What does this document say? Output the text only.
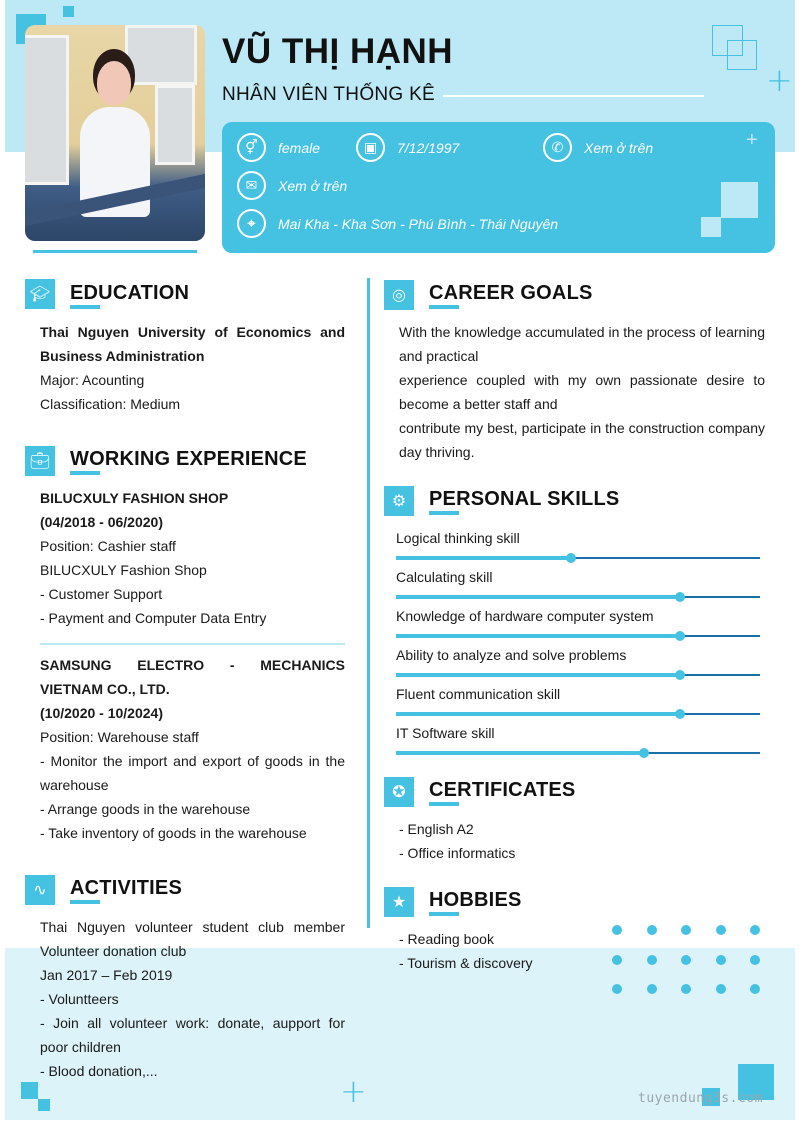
+
+
VŨ THỊ HẠNH
NHÂN VIÊN THỐNG KÊ
⚥	female	▣	7/12/1997	✆	Xem ở trên
✉	Xem ở trên
⌖	Mai Kha - Kha Sơn - Phú Bình - Thái Nguyên
+
🎓︎ EDUCATION
Thai Nguyen University of Economics and Business Administration
Major: Acounting
Classification: Medium
💼︎ WORKING EXPERIENCE
BILUCXULY FASHION SHOP
(04/2018 - 06/2020)
Position: Cashier staff
BILUCXULY Fashion Shop
- Customer Support
- Payment and Computer Data Entry
SAMSUNG ELECTRO - MECHANICS VIETNAM CO., LTD.
(10/2020 - 10/2024)
Position: Warehouse staff
- Monitor the import and export of goods in the warehouse
- Arrange goods in the warehouse
- Take inventory of goods in the warehouse
∿	ACTIVITIES
Thai Nguyen volunteer student club member Volunteer donation club
Jan 2017 – Feb 2019
- Voluntteers
- Join all volunteer work: donate, aupport for poor children
- Blood donation,...
◎	CAREER GOALS
With the knowledge accumulated in the process of learning and practical
experience coupled with my own passionate desire to become a better staff and
contribute my best, participate in the construction company day thriving.
⚙	PERSONAL SKILLS
Logical thinking skill
Calculating skill
Knowledge of hardware computer system
Ability to analyze and solve problems
Fluent communication skill
IT Software skill
✪	CERTIFICATES
- English A2
- Office informatics
★	HOBBIES
- Reading book
- Tourism & discovery
tuyendung3s.com
